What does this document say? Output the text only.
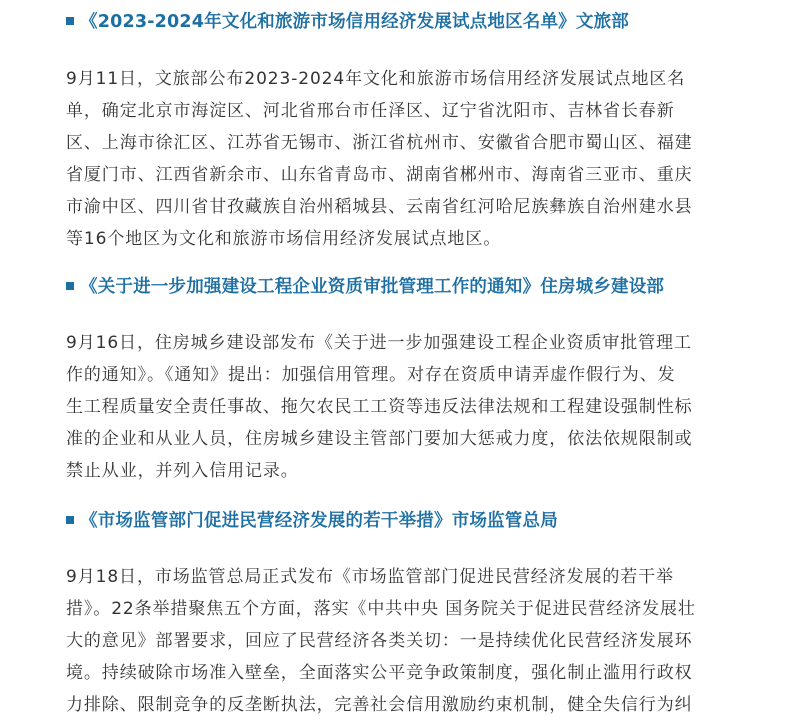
《2023-2024年文化和旅游市场信用经济发展试点地区名单》文旅部
9月11日，文旅部公布2023-2024年文化和旅游市场信用经济发展试点地区名
单，确定北京市海淀区、河北省邢台市任泽区、辽宁省沈阳市、吉林省长春新
区、上海市徐汇区、江苏省无锡市、浙江省杭州市、安徽省合肥市蜀山区、福建
省厦门市、江西省新余市、山东省青岛市、湖南省郴州市、海南省三亚市、重庆
市渝中区、四川省甘孜藏族自治州稻城县、云南省红河哈尼族彝族自治州建水县
等16个地区为文化和旅游市场信用经济发展试点地区。
《关于进一步加强建设工程企业资质审批管理工作的通知》住房城乡建设部
9月16日，住房城乡建设部发布《关于进一步加强建设工程企业资质审批管理工
作的通知》。《通知》提出：加强信用管理。对存在资质申请弄虚作假行为、发
生工程质量安全责任事故、拖欠农民工工资等违反法律法规和工程建设强制性标
准的企业和从业人员，住房城乡建设主管部门要加大惩戒力度，依法依规限制或
禁止从业，并列入信用记录。
《市场监管部门促进民营经济发展的若干举措》市场监管总局
9月18日，市场监管总局正式发布《市场监管部门促进民营经济发展的若干举
措》。22条举措聚焦五个方面，落实《中共中央 国务院关于促进民营经济发展壮
大的意见》部署要求，回应了民营经济各类关切：一是持续优化民营经济发展环
境。持续破除市场准入壁垒，全面落实公平竞争政策制度，强化制止滥用行政权
力排除、限制竞争的反垄断执法，完善社会信用激励约束机制，健全失信行为纠
